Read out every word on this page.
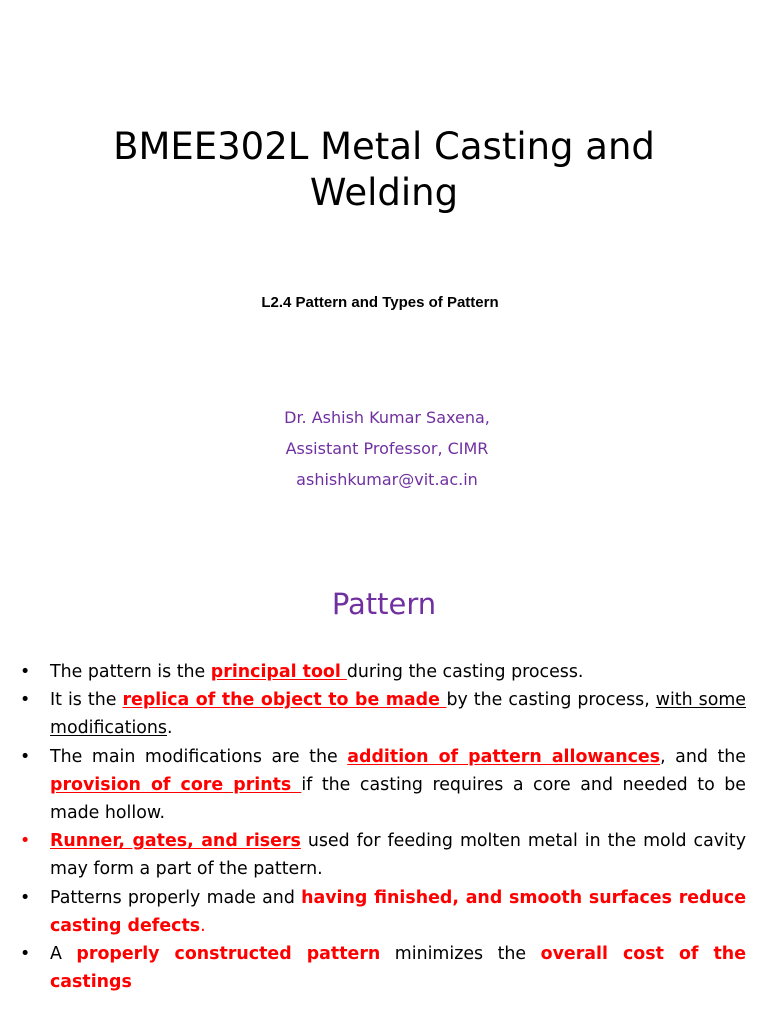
BMEE302L Metal Casting and Welding
L2.4 Pattern and Types of Pattern
Dr. Ashish Kumar Saxena,
Assistant Professor, CIMR
ashishkumar@vit.ac.in
Pattern
• The pattern is the principal tool during the casting process.
• It is the replica of the object to be made by the casting process, with some modifications.
• The main modifications are the addition of pattern allowances, and the provision of core prints if the casting requires a core and needed to be made hollow.
• Runner, gates, and risers used for feeding molten metal in the mold cavity may form a part of the pattern.
• Patterns properly made and having finished, and smooth surfaces reduce casting defects.
• A properly constructed pattern minimizes the overall cost of the castings
